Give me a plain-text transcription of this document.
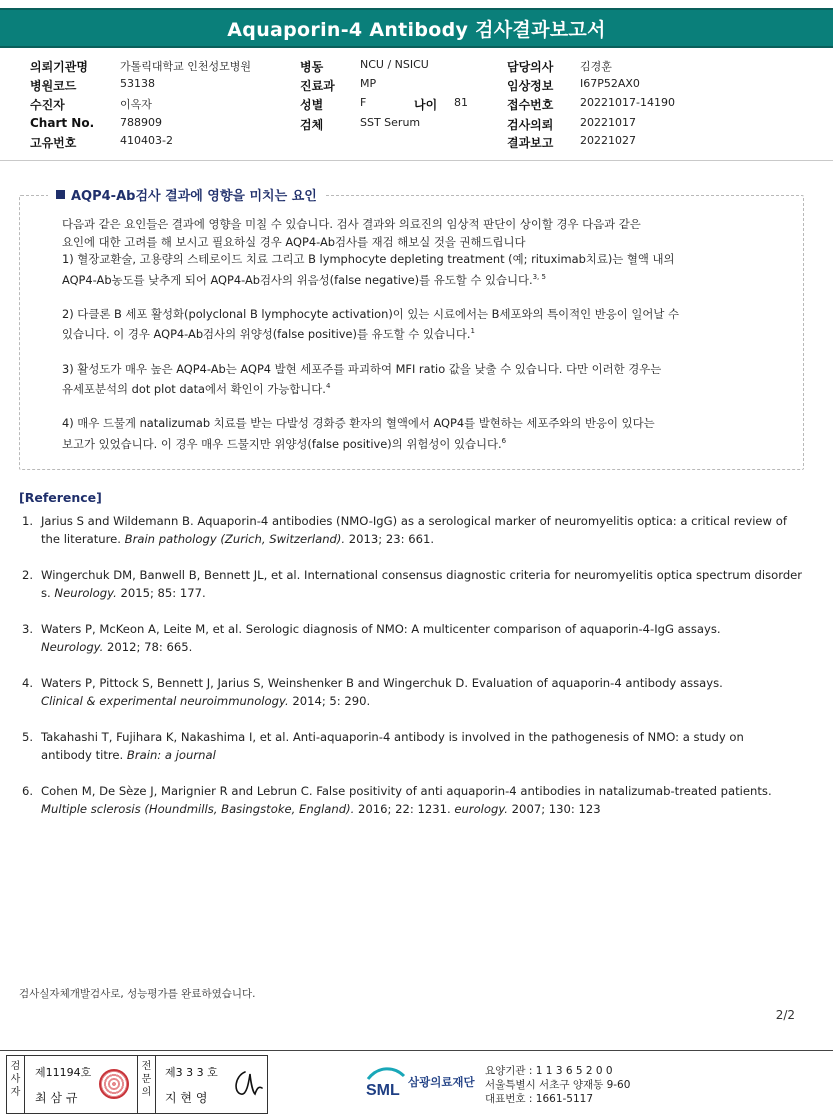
Aquaporin-4 Antibody 검사결과보고서
의뢰기관명	가톨릭대학교 인천성모병원
병원코드	53138
수진자	이옥자
Chart No. 788909
고유번호	410403-2
병동	NCU / NSICU
진료과 MP
성별	F	나이 81
검체	SST Serum
담당의사 김경훈
임상정보 I67P52AX0
접수번호 20221017-14190
검사의뢰 20221017
결과보고 20221027
AQP4-Ab검사 결과에 영향을 미치는 요인

다음과 같은 요인들은 결과에 영향을 미칠 수 있습니다. 검사 결과와 의료진의 임상적 판단이 상이할 경우 다음과 같은
요인에 대한 고려를 해 보시고 필요하실 경우 AQP4-Ab검사를 재검 해보실 것을 권해드립니다
1) 혈장교환술, 고용량의 스테로이드 치료 그리고 B lymphocyte depleting treatment (예; rituximab치료)는 혈액 내의
AQP4-Ab농도를 낮추게 되어 AQP4-Ab검사의 위음성(false negative)를 유도할 수 있습니다.$^{3, 5}$

2) 다클론 B 세포 활성화(polyclonal B lymphocyte activation)이 있는 시료에서는 B세포와의 특이적인 반응이 일어날 수
있습니다. 이 경우 AQP4-Ab검사의 위양성(false positive)를 유도할 수 있습니다.$^1$

3) 활성도가 매우 높은 AQP4-Ab는 AQP4 발현 세포주를 파괴하여 MFI ratio 값을 낮출 수 있습니다. 다만 이러한 경우는
유세포분석의 dot plot data에서 확인이 가능합니다.$^4$

4) 매우 드물게 natalizumab 치료를 받는 다발성 경화증 환자의 혈액에서 AQP4를 발현하는 세포주와의 반응이 있다는
보고가 있었습니다. 이 경우 매우 드물지만 위양성(false positive)의 위험성이 있습니다.$^6$

[Reference]
1. Jarius S and Wildemann B. Aquaporin-4 antibodies (NMO-IgG) as a serological marker of neuromyelitis optica: a critical review of
the literature. Brain pathology (Zurich, Switzerland). 2013; 23: 661.
2. Wingerchuk DM, Banwell B, Bennett JL, et al. International consensus diagnostic criteria for neuromyelitis optica spectrum disorder
s. Neurology. 2015; 85: 177.
3. Waters P, McKeon A, Leite M, et al. Serologic diagnosis of NMO: A multicenter comparison of aquaporin-4-IgG assays.
Neurology. 2012; 78: 665.
4. Waters P, Pittock S, Bennett J, Jarius S, Weinshenker B and Wingerchuk D. Evaluation of aquaporin-4 antibody assays.
Clinical & experimental neuroimmunology. 2014; 5: 290.
5. Takahashi T, Fujihara K, Nakashima I, et al. Anti-aquaporin-4 antibody is involved in the pathogenesis of NMO: a study on
antibody titre. Brain: a journal
6. Cohen M, De Sèze J, Marignier R and Lebrun C. False positivity of anti aquaporin-4 antibodies in natalizumab-treated patients.
Multiple sclerosis (Houndmills, Basingstoke, England). 2016; 22: 1231. eurology. 2007; 130: 123
검사실자체개발검사로, 성능평가를 완료하였습니다.
2/2
검사자
제11194호
최 삼 규
전문의
제3 3 3 호
지 현 영	SML 삼광의료재단
요양기관 : 1 1 3 6 5 2 0 0
서울특별시 서초구 양재동 9-60
대표번호 : 1661-5117
